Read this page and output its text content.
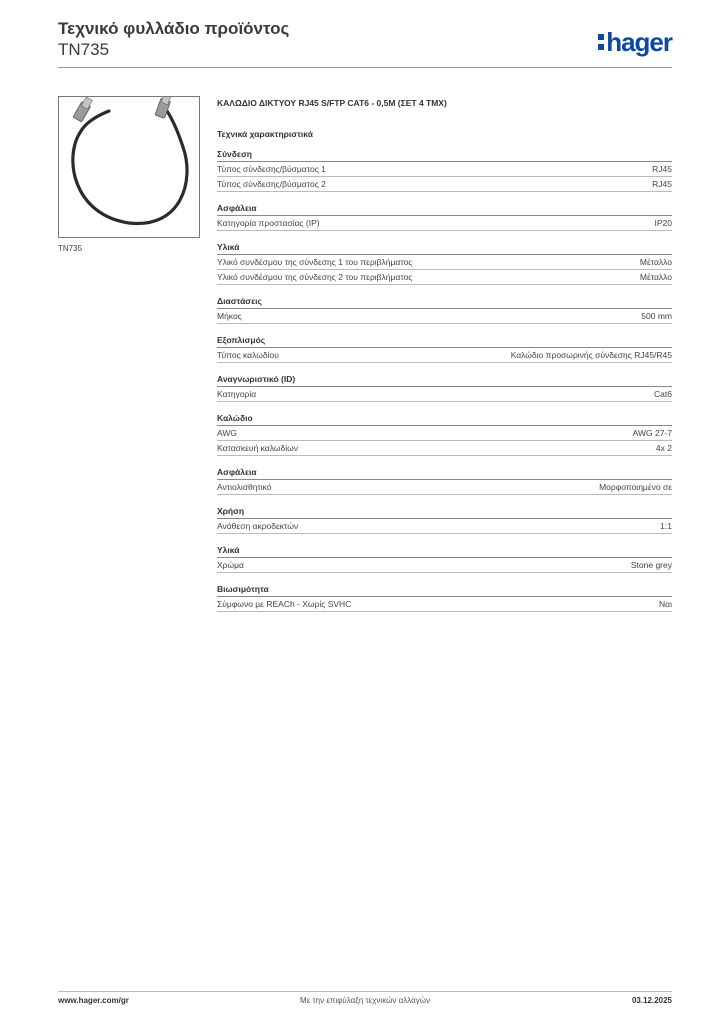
Τεχνικό φυλλάδιο προϊόντος
TN735	hager
TN735
ΚΑΛΩΔΙΟ ΔΙΚΤΥΟΥ RJ45 S/FTP CAT6 - 0,5M (ΣΕΤ 4 ΤΜΧ)
Τεχνικά χαρακτηριστικά
Σύνδεση
Τύπος σύνδεσης/βύσματος 1	RJ45
Τύπος σύνδεσης/βύσματος 2	RJ45
Ασφάλεια
Κατηγορία προστασίας (IP)	IP20
Υλικά
Υλικό συνδέσμου της σύνδεσης 1 του περιβλήματος	Μέταλλο
Υλικό συνδέσμου της σύνδεσης 2 του περιβλήματος	Μέταλλο
Διαστάσεις
Μήκος	500 mm
Εξοπλισμός
Τύπος καλωδίου	Καλώδιο προσωρινής σύνδεσης RJ45/R45
Αναγνωριστικό (ID)
Κατηγορία	Cat6
Καλώδιο
AWG	AWG 27-7
Κατασκευή καλωδίων	4x 2
Ασφάλεια
Αντιολισθητικό	Μορφοποιημένο σε
Χρήση
Ανάθεση ακροδεκτών	1:1
Υλικά
Χρώμα	Stone grey
Βιωσιμότητα
Σύμφωνο με REACh - Χωρίς SVHC	Ναι
www.hager.com/gr	Με την επιφύλαξη τεχνικών αλλαγών	03.12.2025
